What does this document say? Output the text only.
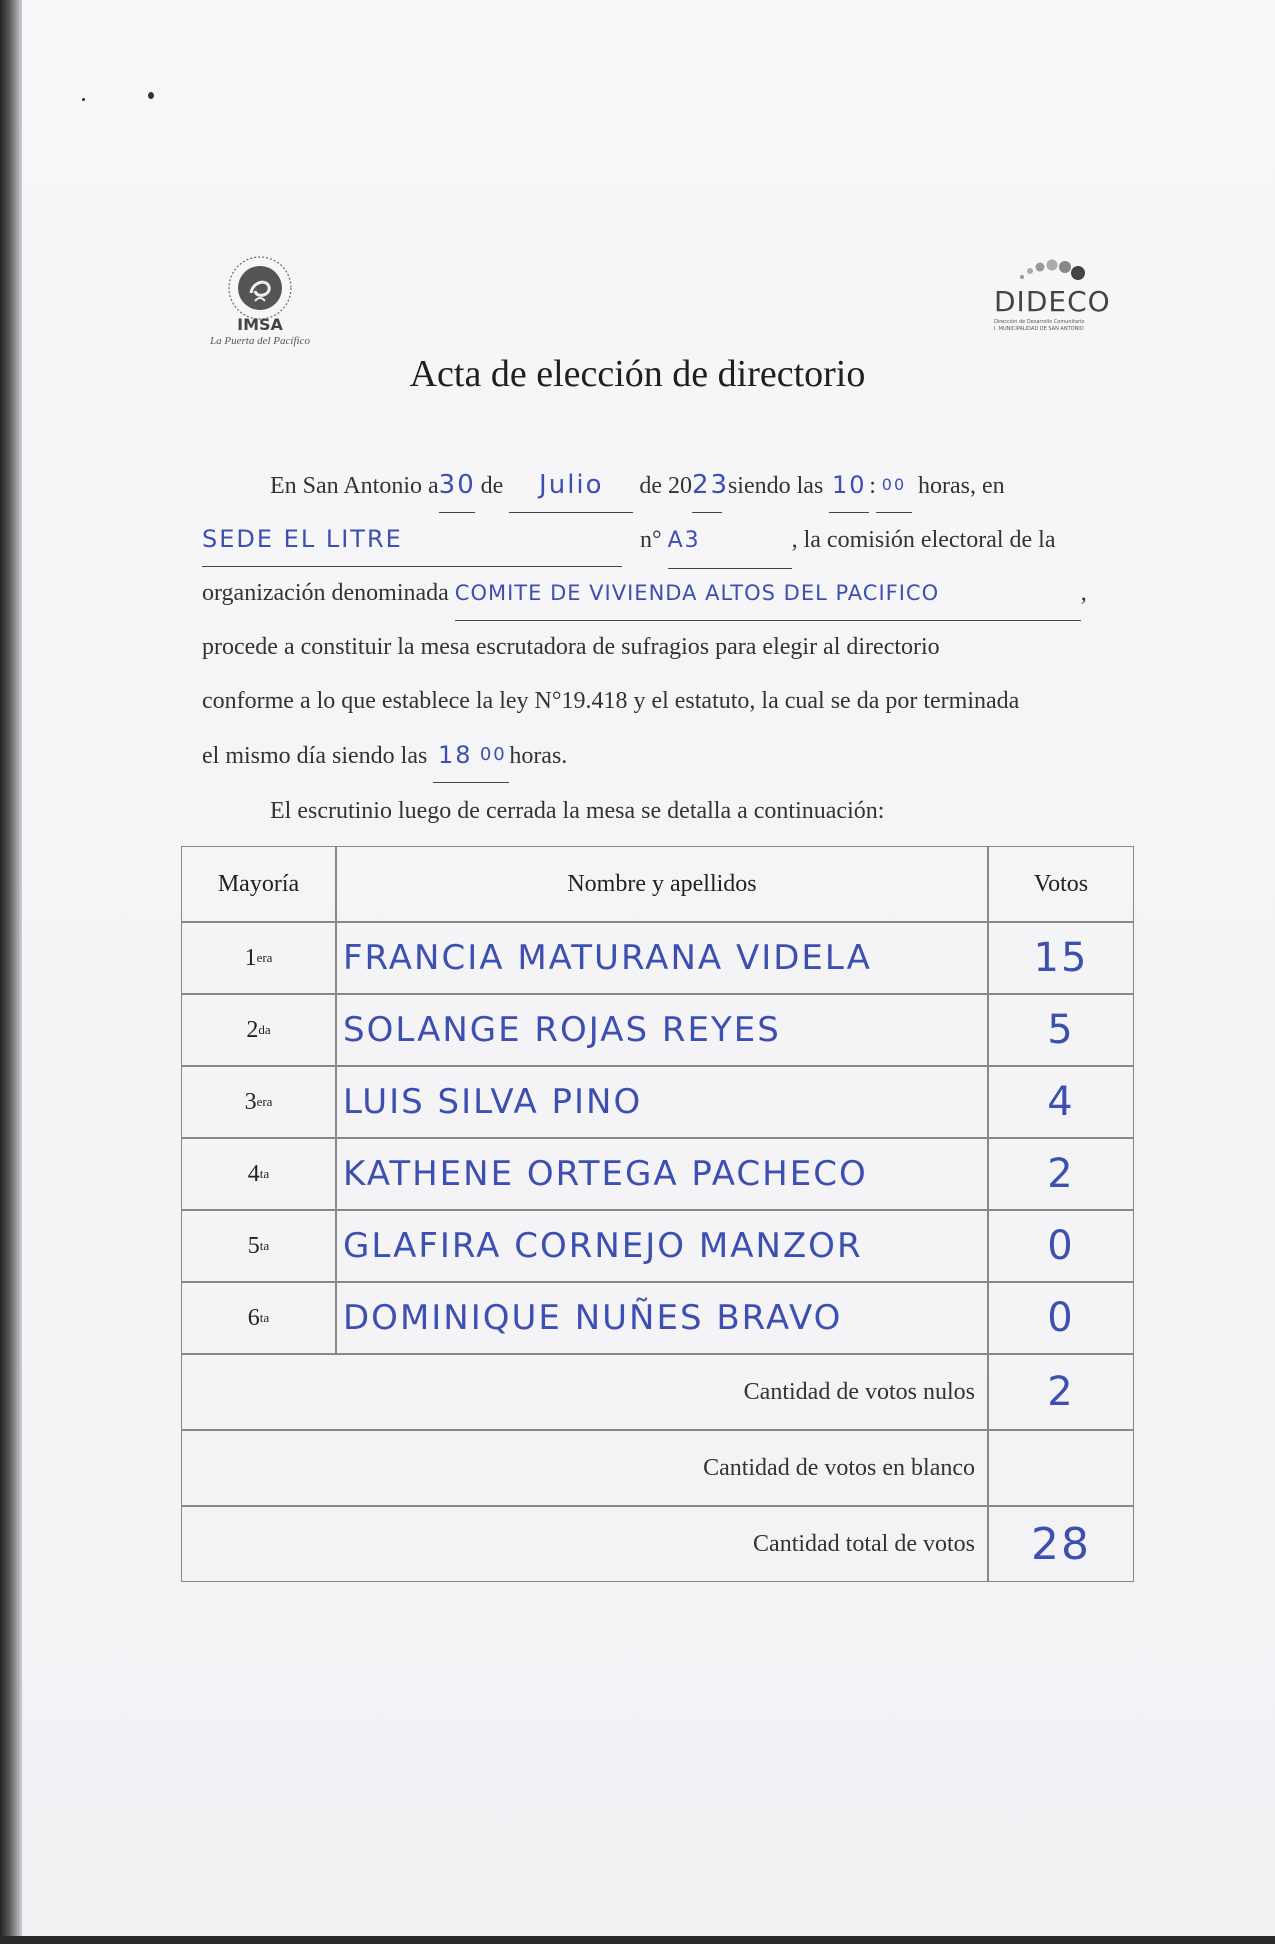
IMSA
La Puerta del Pacífico
DIDECO
Dirección de Desarrollo Comunitario
I. MUNICIPALIDAD DE SAN ANTONIO
Acta de elección de directorio
En San Antonio a30 de Julio de 2023 siendo las 10 : 00 horas, en
SEDE EL LITRE	n° A3	, la comisión electoral de la
organización denominada COMITE DE VIVIENDA ALTOS DEL PACIFICO	,
procede a constituir la mesa escrutadora de sufragios para elegir al directorio
conforme a lo que establece la ley N°19.418 y el estatuto, la cual se da por terminada
el mismo día siendo las 18 00 horas.
El escrutinio luego de cerrada la mesa se detalla a continuación:
Mayoría	Nombre y apellidos	Votos
1 era FRANCIA MATURANA VIDELA	15
2 da SOLANGE ROJAS REYES	5
3 era LUIS SILVA PINO	4
4 ta KATHENE ORTEGA PACHECO	2
5 ta GLAFIRA CORNEJO MANZOR	0
6 ta DOMINIQUE NUÑES BRAVO	0
Cantidad de votos nulos	2
Cantidad de votos en blanco
Cantidad total de votos	28
